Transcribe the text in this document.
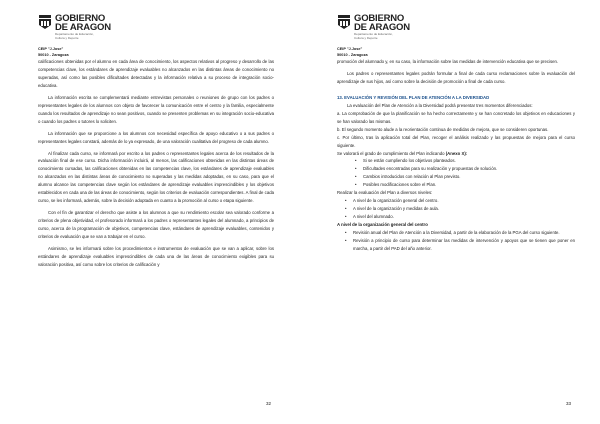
GOBIERNO
DE ARAGON
Departamento de Educación,
Cultura y Deporte
CEIP "J.Jose"
50010 - Zaragoza

calificaciones obtenidas por el alumno en cada área de conocimiento, los aspectos relativos al progreso y desarrollo de las competencias clave, los estándares de aprendizaje evaluables no alcanzados en las distintas áreas de conocimiento no superadas, así como las posibles dificultades detectadas y la información relativa a su proceso de integración socio-educativa.

La información escrita se complementará mediante entrevistas personales o reuniones de grupo con los padres o representantes legales de los alumnos con objeto de favorecer la comunicación entre el centro y la familia, especialmente cuando los resultados de aprendizaje no sean positivos, cuando se presenten problemas en su integración socio-educativa o cuando los padres o tutores lo soliciten.

La información que se proporcione a los alumnos con necesidad específica de apoyo educativo o a sus padres o representantes legales constará, además de lo ya expresado, de una valoración cualitativa del progreso de cada alumno.

Al finalizar cada curso, se informará por escrito a los padres o representantes legales acerca de los resultados de la evaluación final de ese curso. Dicha información incluirá, al menos, las calificaciones obtenidas en las distintas áreas de conocimiento cursadas, las calificaciones obtenidas en las competencias clave, los estándares de aprendizaje evaluables no alcanzados en las distintas áreas de conocimiento no superadas y las medidas adoptadas, en su caso, para que el alumno alcance las competencias clave según los estándares de aprendizaje evaluables imprescindibles y los objetivos establecidos en cada una de las áreas de conocimiento, según los criterios de evaluación correspondientes. A final de cada curso, se les informará, además, sobre la decisión adoptada en cuanto a la promoción al curso o etapa siguiente.

Con el fin de garantizar el derecho que asiste a los alumnos a que su rendimiento escolar sea valorado conforme a criterios de plena objetividad, el profesorado informará a los padres o representantes legales del alumnado, a principios de curso, acerca de la programación de objetivos, competencias clave, estándares de aprendizaje evaluables, contenidos y criterios de evaluación que se van a trabajar en el curso.

Asimismo, se les informará sobre los procedimientos e instrumentos de evaluación que se van a aplicar, sobre los estándares de aprendizaje evaluables imprescindibles de cada una de las áreas de conocimiento exigibles para su valoración positiva, así como sobre los criterios de calificación y

32
GOBIERNO
DE ARAGON
Departamento de Educación,
Cultura y Deporte
CEIP "J.Jose"
50010 - Zaragoza

promoción del alumnado y, en su caso, la información sobre las medidas de intervención educativa que se precisen.

Los padres o representantes legales podrán formular a final de cada curso reclamaciones sobre la evaluación del aprendizaje de sus hijos, así como sobre la decisión de promoción a final de cada curso.

13. EVALUACIÓN Y REVISIÓN DEL PLAN DE ATENCIÓN A LA DIVERSIDAD

La evaluación del Plan de Atención a la Diversidad podrá presentar tres momentos diferenciados:

a. La comprobación de que la planificación se ha hecho correctamente y se han concretado los objetivos en educaciones y se han valorado las mismas.

b. El segundo momento alude a la reorientación continua de medidas de mejora, que se consideren oportunas.

c. Por último, tras la aplicación total del Plan, recoger el análisis realizado y las propuestas de mejora para el curso siguiente.

Se valorará el grado de cumplimiento del Plan indicando (Anexo X):

• Si se están cumpliendo los objetivos planteados.
• Dificultades encontradas para su realización y propuestas de solución.
• Cambios introducidos con relación al Plan previsto.
• Posibles modificaciones sobre el Plan.

Realizar la evaluación del Plan a diversos niveles:

• A nivel de la organización general del centro.
• A nivel de la organización y medidas de aula.
• A nivel del alumnado.

A nivel de la organización general del centro

• Revisión anual del Plan de Atención a la Diversidad, a partir de la elaboración de la PGA del curso siguiente.
• Revisión a principio de curso para determinar las medidas de intervención y apoyos que se tienen que poner en marcha, a partir del PAD del año anterior.
33
